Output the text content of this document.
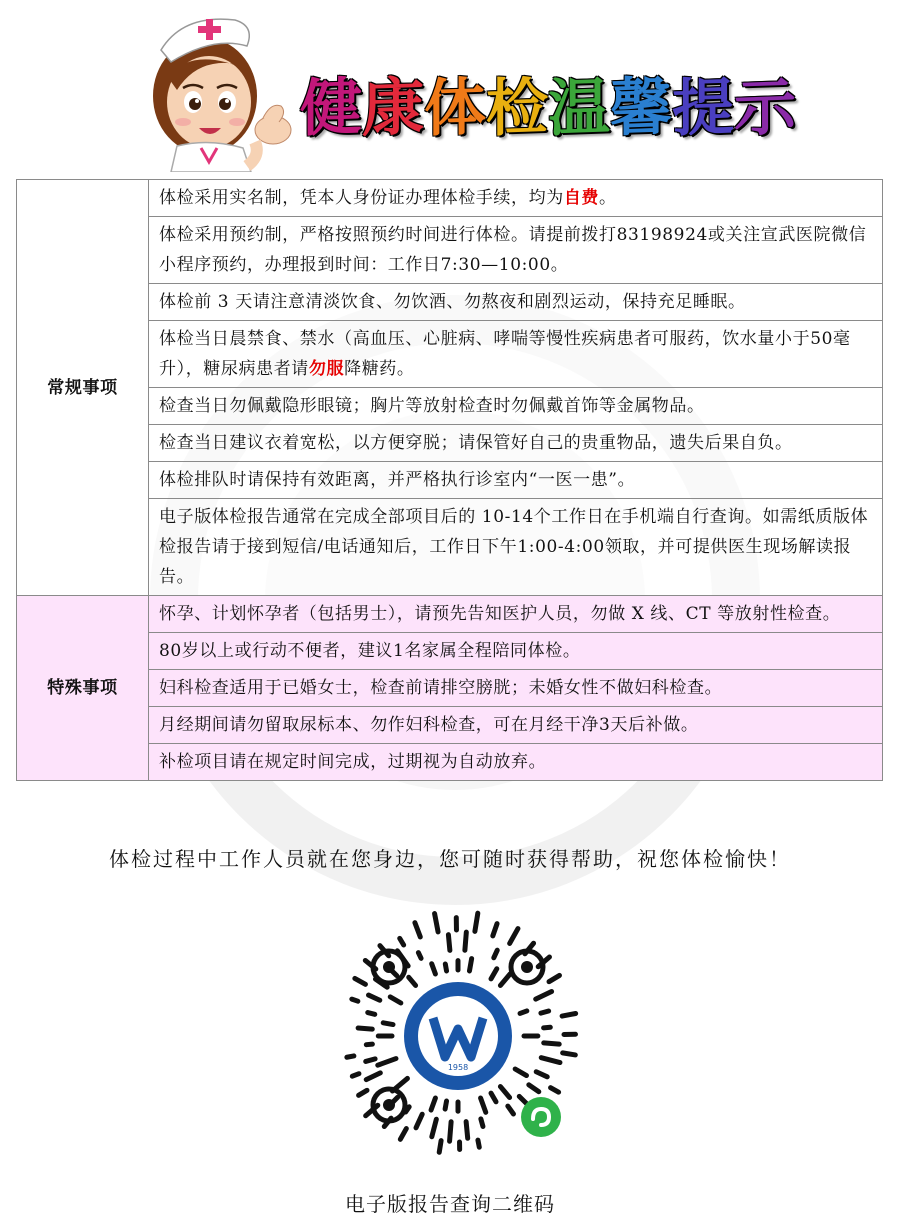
健 康 体 检 温 馨 提 示
常规事项	体检采用实名制，凭本人身份证办理体检手续，均为自费。
	体检采用预约制，严格按照预约时间进行体检。请提前拨打83198924或关注宣武医院微信小程序预约，办理报到时间：工作日7:30—10:00。
	体检前 3 天请注意清淡饮食、勿饮酒、勿熬夜和剧烈运动，保持充足睡眠。
	体检当日晨禁食、禁水（高血压、心脏病、哮喘等慢性疾病患者可服药，饮水量小于50毫升），糖尿病患者请勿服降糖药。
	检查当日勿佩戴隐形眼镜；胸片等放射检查时勿佩戴首饰等金属物品。
	检查当日建议衣着宽松，以方便穿脱；请保管好自己的贵重物品，遗失后果自负。
	体检排队时请保持有效距离，并严格执行诊室内“一医一患”。
	电子版体检报告通常在完成全部项目后的 10-14个工作日在手机端自行查询。如需纸质版体检报告请于接到短信/电话通知后，工作日下午1:00-4:00领取，并可提供医生现场解读报告。
特殊事项	怀孕、计划怀孕者（包括男士），请预先告知医护人员，勿做 X 线、CT 等放射性检查。
	80岁以上或行动不便者，建议1名家属全程陪同体检。
	妇科检查适用于已婚女士，检查前请排空膀胱；未婚女性不做妇科检查。
	月经期间请勿留取尿标本、勿作妇科检查，可在月经干净3天后补做。
	补检项目请在规定时间完成，过期视为自动放弃。
体检过程中工作人员就在您身边，您可随时获得帮助，祝您体检愉快！
1958
电子版报告查询二维码
